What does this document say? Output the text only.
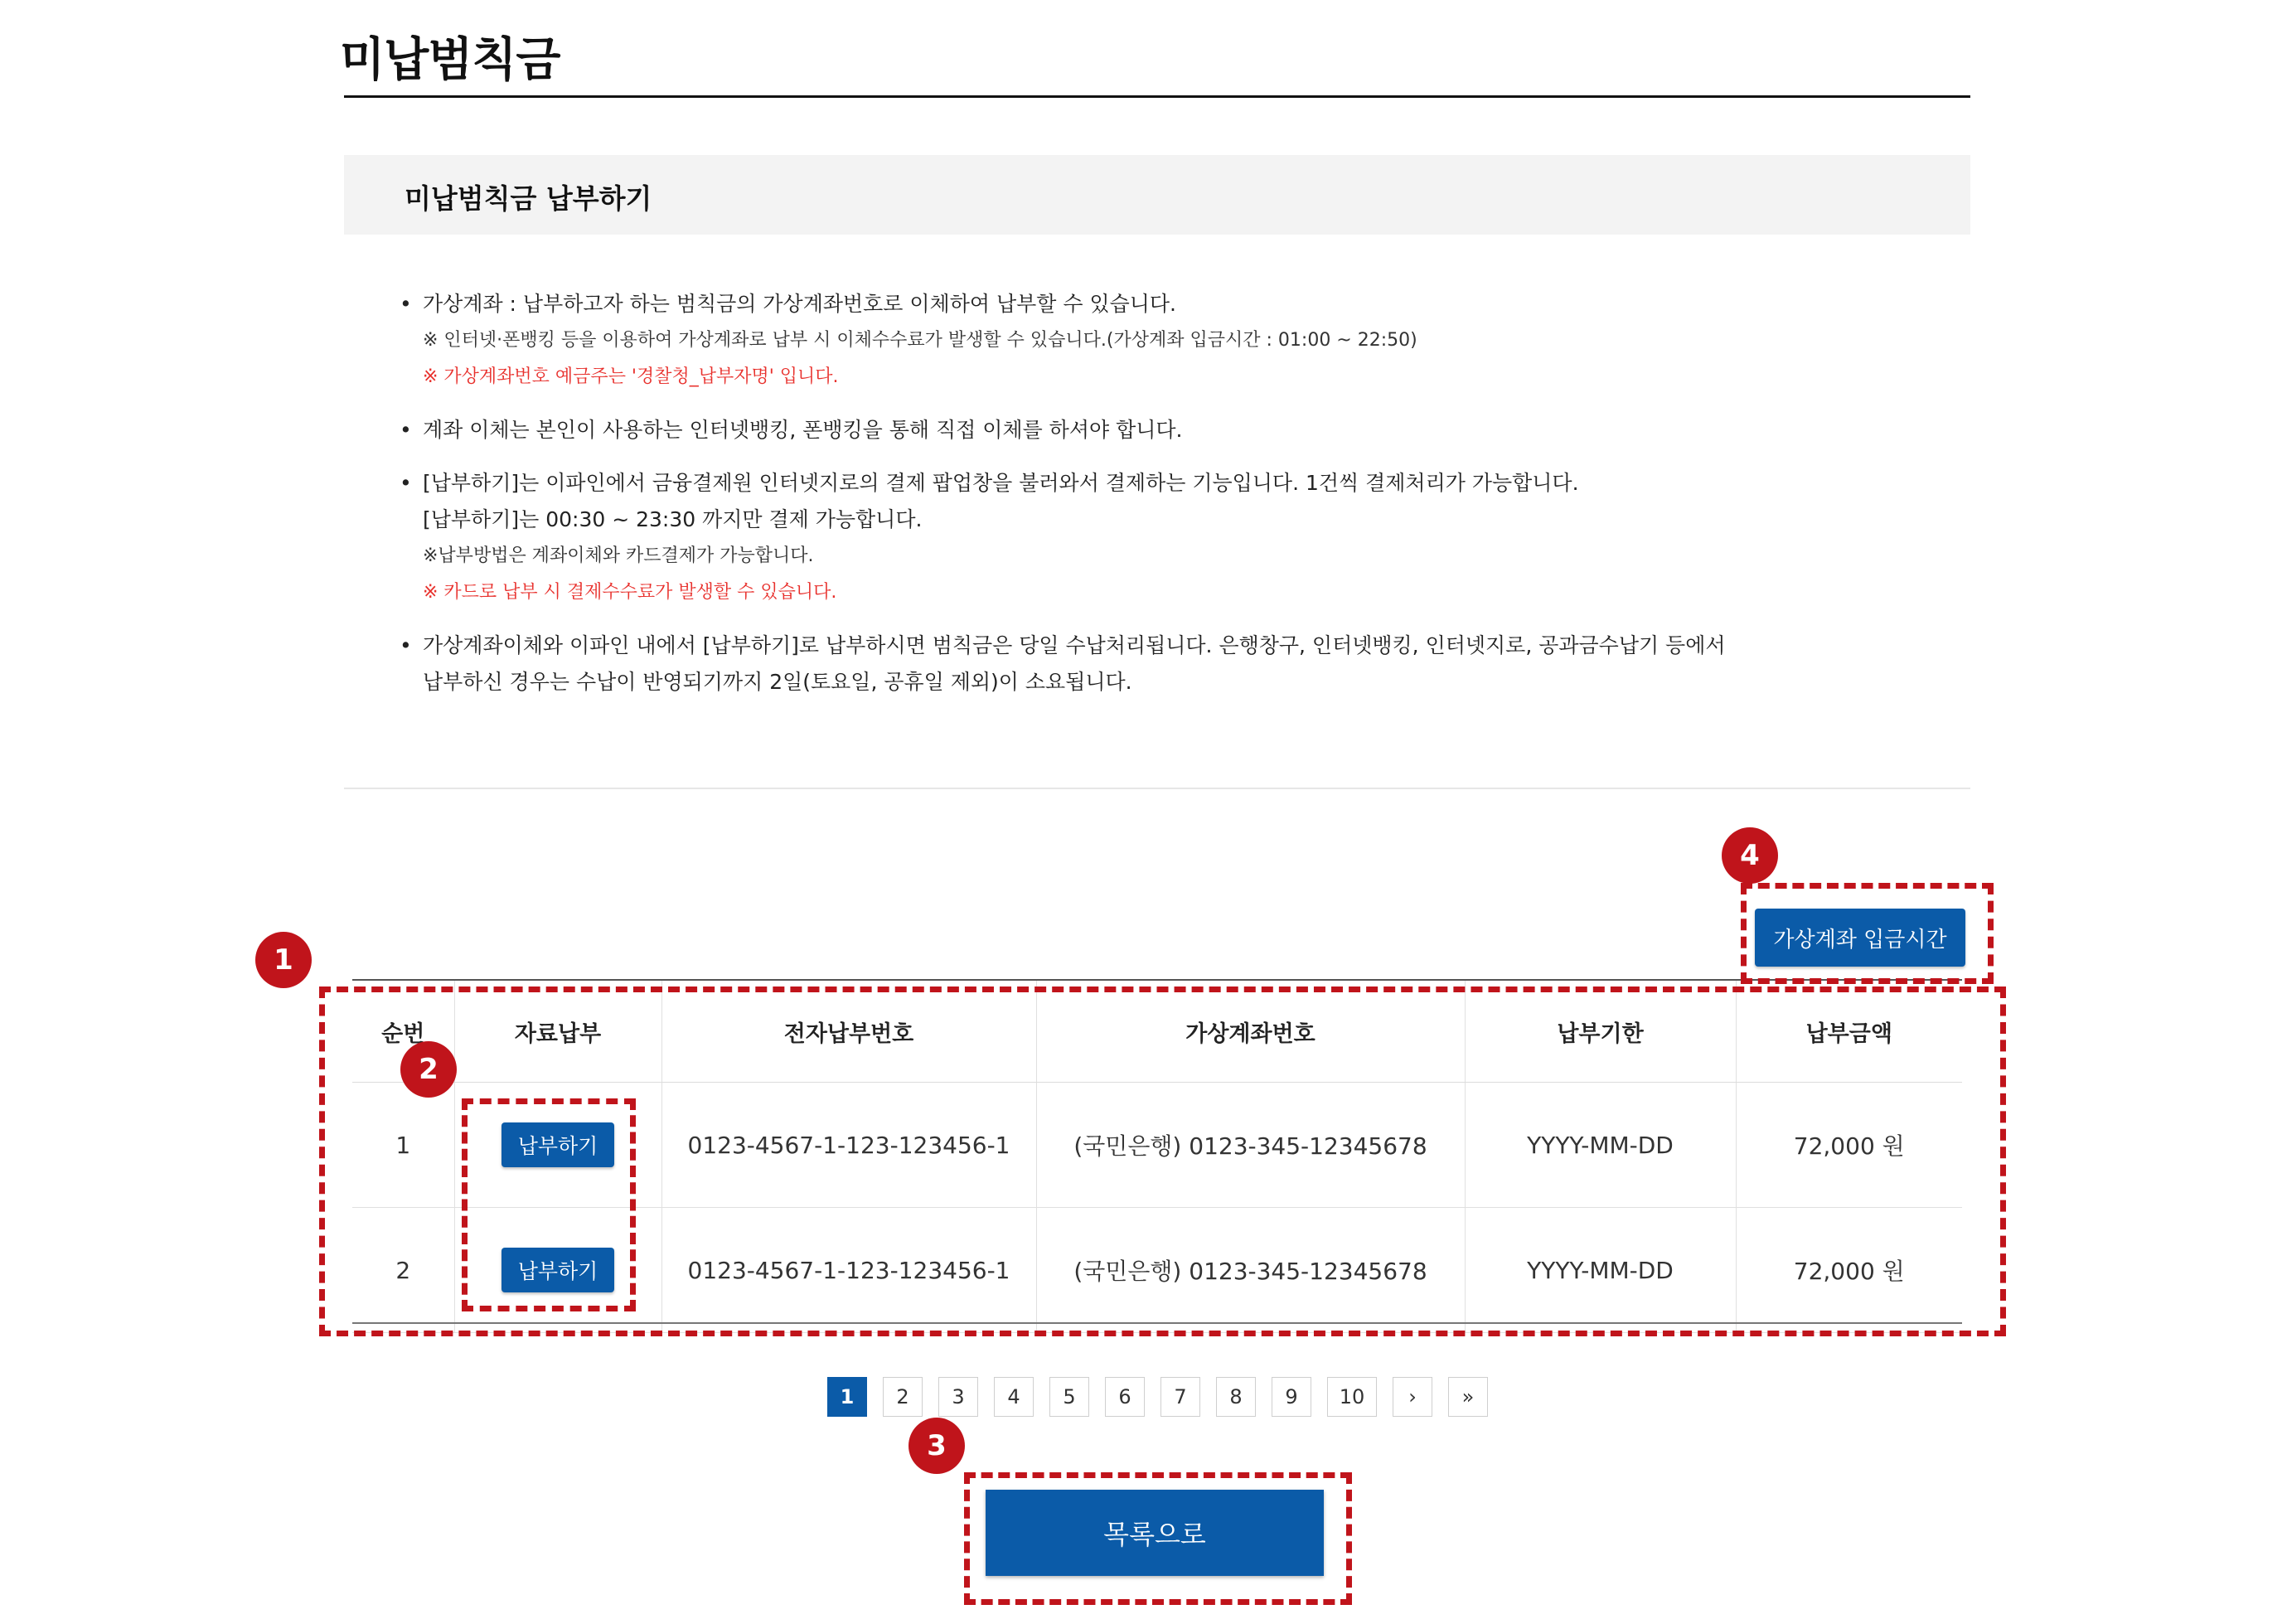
미납범칙금
미납범칙금 납부하기
• 가상계좌 : 납부하고자 하는 범칙금의 가상계좌번호로 이체하여 납부할 수 있습니다.
※ 인터넷·폰뱅킹 등을 이용하여 가상계좌로 납부 시 이체수수료가 발생할 수 있습니다.(가상계좌 입금시간 : 01:00 ~ 22:50)
※ 가상계좌번호 예금주는 '경찰청_납부자명' 입니다.
• 계좌 이체는 본인이 사용하는 인터넷뱅킹, 폰뱅킹을 통해 직접 이체를 하셔야 합니다.
• [납부하기]는 이파인에서 금융결제원 인터넷지로의 결제 팝업창을 불러와서 결제하는 기능입니다. 1건씩 결제처리가 가능합니다.
[납부하기]는 00:30 ~ 23:30 까지만 결제 가능합니다.
※납부방법은 계좌이체와 카드결제가 가능합니다.
※ 카드로 납부 시 결제수수료가 발생할 수 있습니다.
• 가상계좌이체와 이파인 내에서 [납부하기]로 납부하시면 범칙금은 당일 수납처리됩니다. 은행창구, 인터넷뱅킹, 인터넷지로, 공과금수납기 등에서
납부하신 경우는 수납이 반영되기까지 2일(토요일, 공휴일 제외)이 소요됩니다.
가상계좌 입금시간
순번	자료납부	전자납부번호	가상계좌번호	납부기한	납부금액
1	납부하기	0123-4567-1-123-123456-1	(국민은행) 0123-345-12345678	YYYY-MM-DD	72,000 원
2	납부하기	0123-4567-1-123-123456-1	(국민은행) 0123-345-12345678	YYYY-MM-DD	72,000 원
1	2	3	4	5	6	7	8	9	10	›	»
목록으로
4
1
2
3
